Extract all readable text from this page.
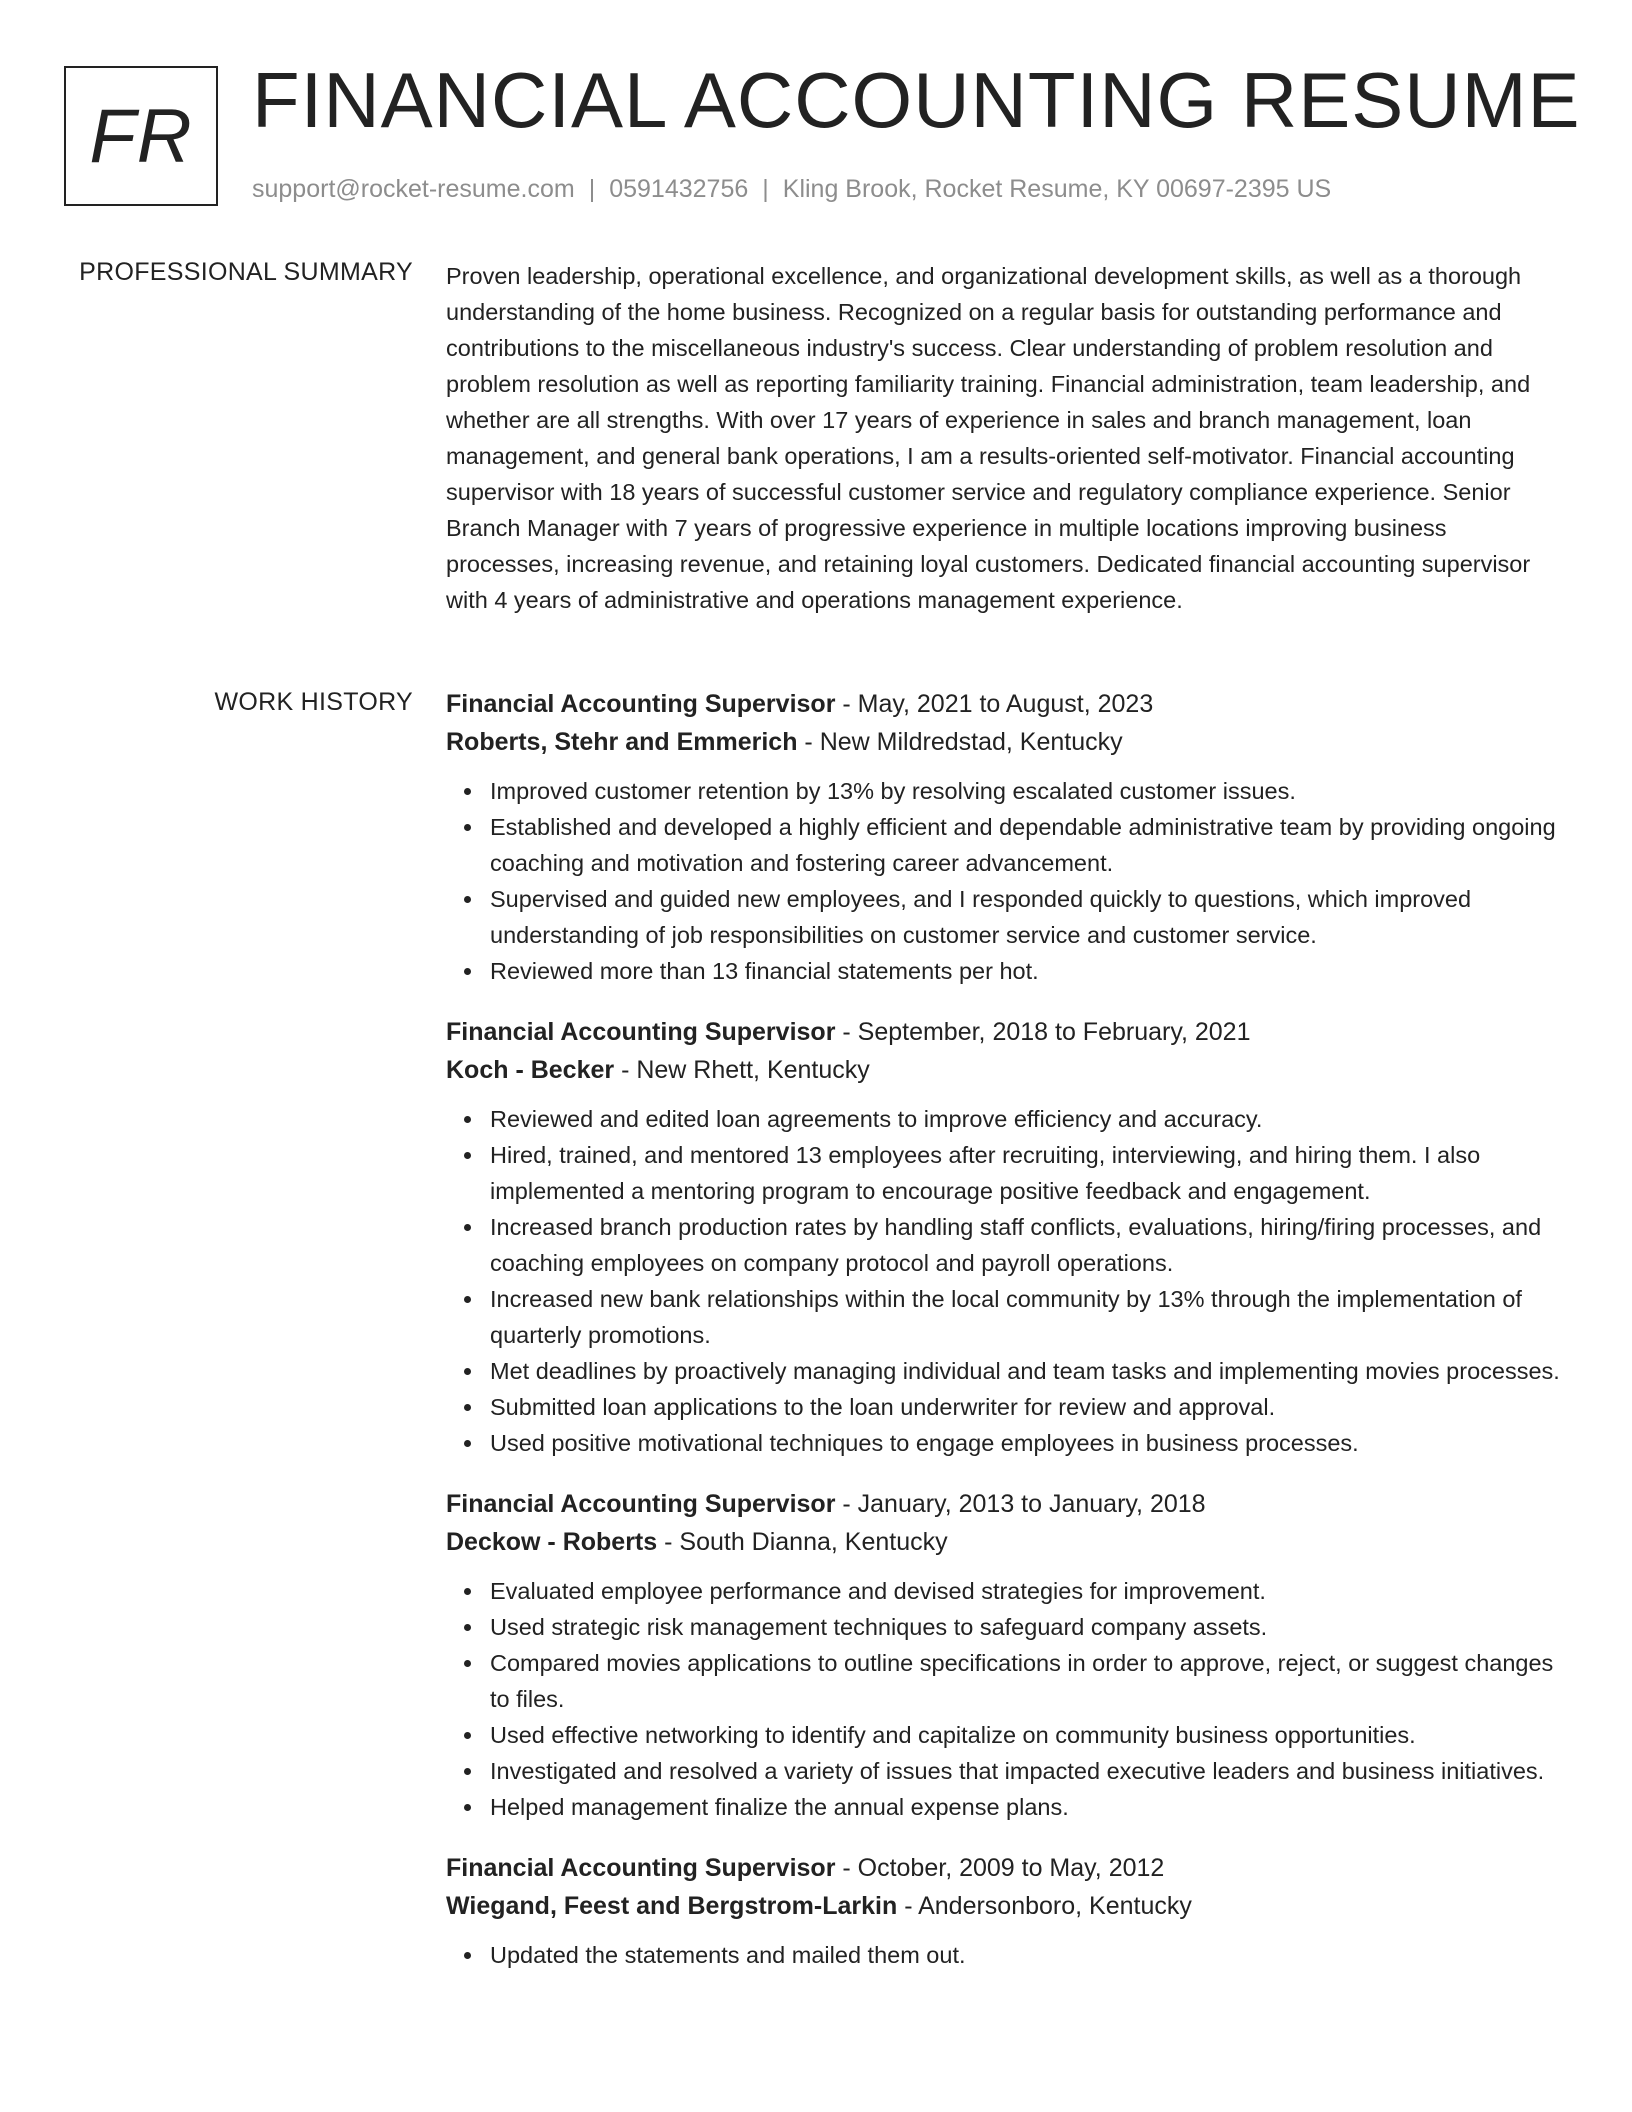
FR FINANCIAL ACCOUNTING RESUME
support@rocket-resume.com | 0591432756 | Kling Brook, Rocket Resume, KY 00697-2395 US
PROFESSIONAL SUMMARY Proven leadership, operational excellence, and organizational development skills, as well as a thorough understanding of the home business. Recognized on a regular basis for outstanding performance and contributions to the miscellaneous industry's success. Clear understanding of problem resolution and problem resolution as well as reporting familiarity training. Financial administration, team leadership, and whether are all strengths. With over 17 years of experience in sales and branch management, loan management, and general bank operations, I am a results-oriented self-motivator. Financial accounting supervisor with 18 years of successful customer service and regulatory compliance experience. Senior Branch Manager with 7 years of progressive experience in multiple locations improving business processes, increasing revenue, and retaining loyal customers. Dedicated financial accounting supervisor with 4 years of administrative and operations management experience.

WORK HISTORY Financial Accounting Supervisor - May, 2021 to August, 2023
Roberts, Stehr and Emmerich - New Mildredstad, Kentucky
Improved customer retention by 13% by resolving escalated customer issues.
Established and developed a highly efficient and dependable administrative team by providing ongoing coaching and motivation and fostering career advancement.
Supervised and guided new employees, and I responded quickly to questions, which improved understanding of job responsibilities on customer service and customer service.
Reviewed more than 13 financial statements per hot.
Financial Accounting Supervisor - September, 2018 to February, 2021
Koch - Becker - New Rhett, Kentucky
Reviewed and edited loan agreements to improve efficiency and accuracy.
Hired, trained, and mentored 13 employees after recruiting, interviewing, and hiring them. I also implemented a mentoring program to encourage positive feedback and engagement.
Increased branch production rates by handling staff conflicts, evaluations, hiring/firing processes, and coaching employees on company protocol and payroll operations.
Increased new bank relationships within the local community by 13% through the implementation of quarterly promotions.
Met deadlines by proactively managing individual and team tasks and implementing movies processes.
Submitted loan applications to the loan underwriter for review and approval.
Used positive motivational techniques to engage employees in business processes.
Financial Accounting Supervisor - January, 2013 to January, 2018
Deckow - Roberts - South Dianna, Kentucky
Evaluated employee performance and devised strategies for improvement.
Used strategic risk management techniques to safeguard company assets.
Compared movies applications to outline specifications in order to approve, reject, or suggest changes to files.
Used effective networking to identify and capitalize on community business opportunities.
Investigated and resolved a variety of issues that impacted executive leaders and business initiatives.
Helped management finalize the annual expense plans.
Financial Accounting Supervisor - October, 2009 to May, 2012
Wiegand, Feest and Bergstrom-Larkin - Andersonboro, Kentucky
Updated the statements and mailed them out.
